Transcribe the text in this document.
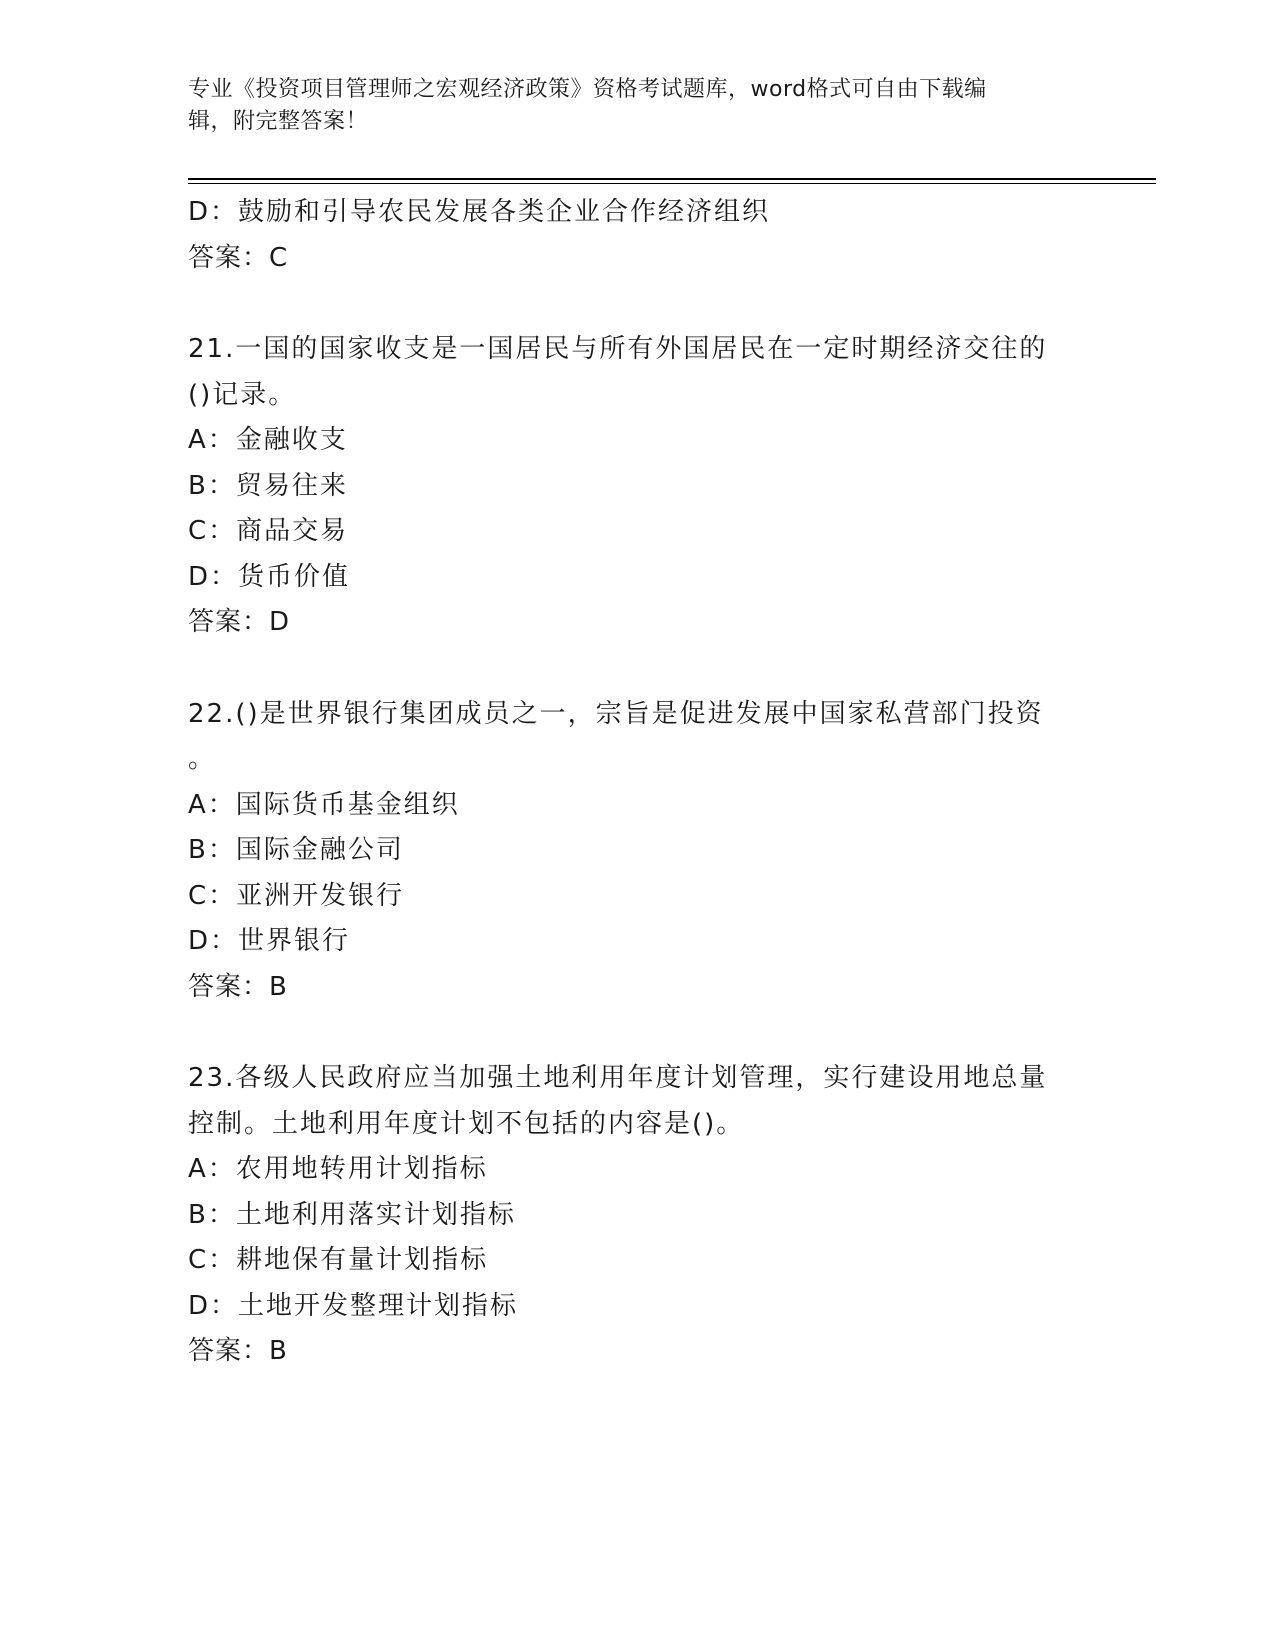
专业《投资项目管理师之宏观经济政策》资格考试题库，word格式可自由下载编
辑，附完整答案！
D：鼓励和引导农民发展各类企业合作经济组织
答案：C
21.一国的国家收支是一国居民与所有外国居民在一定时期经济交往的
()记录。
A：金融收支
B：贸易往来
C：商品交易
D：货币价值
答案：D
22.()是世界银行集团成员之一，宗旨是促进发展中国家私营部门投资
。
A：国际货币基金组织
B：国际金融公司
C：亚洲开发银行
D：世界银行
答案：B
23.各级人民政府应当加强土地利用年度计划管理，实行建设用地总量
控制。土地利用年度计划不包括的内容是()。
A：农用地转用计划指标
B：土地利用落实计划指标
C：耕地保有量计划指标
D：土地开发整理计划指标
答案：B
